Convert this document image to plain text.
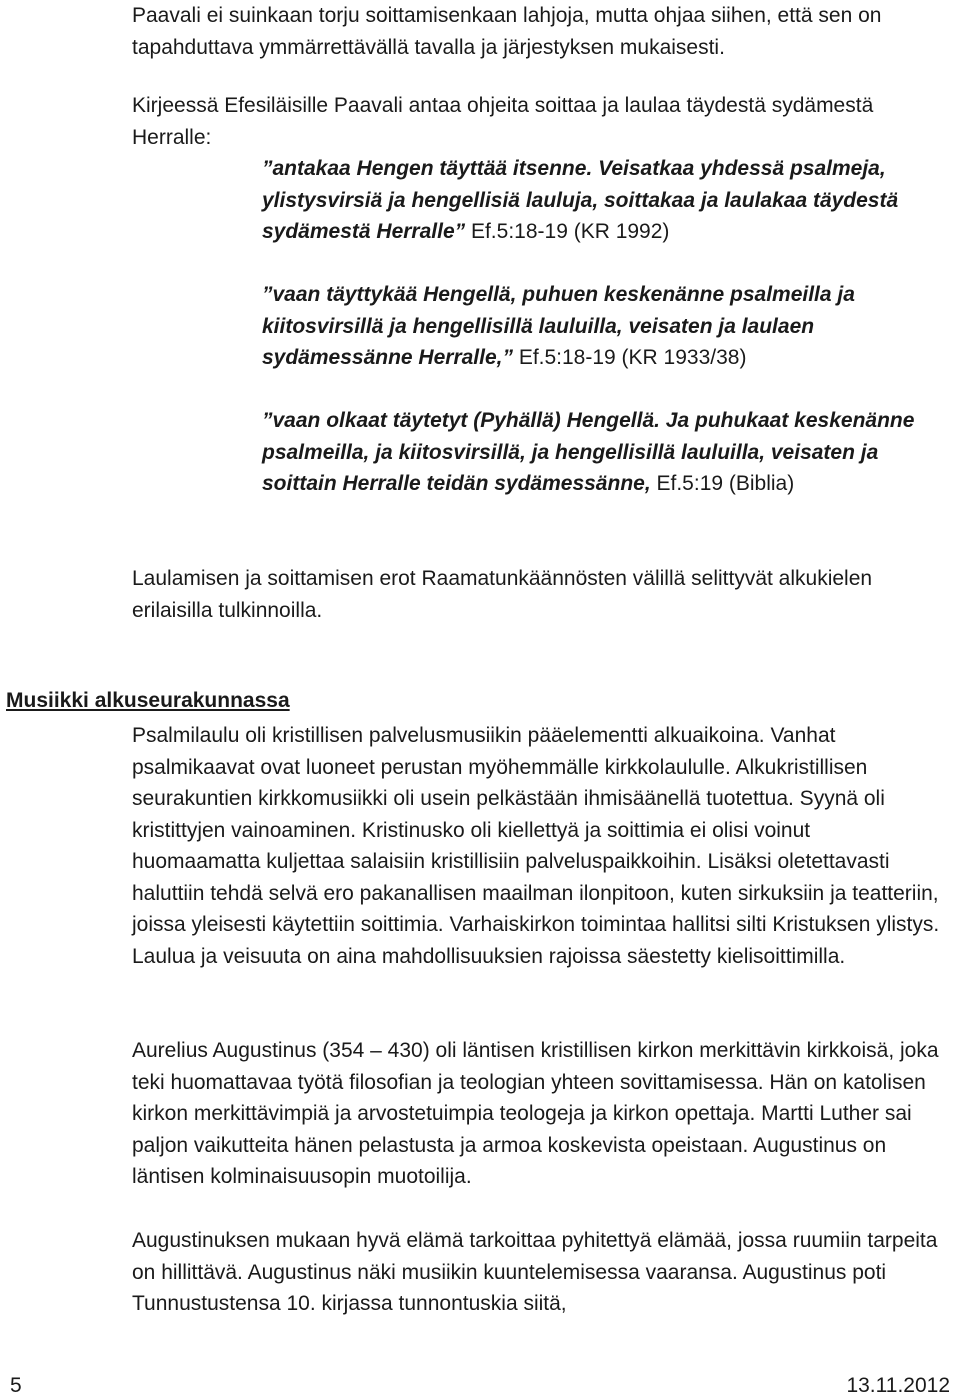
Paavali ei suinkaan torju soittamisenkaan lahjoja, mutta ohjaa siihen, että sen on tapahduttava ymmärrettävällä tavalla ja järjestyksen mukaisesti.

Kirjeessä Efesiläisille Paavali antaa ohjeita soittaa ja laulaa täydestä sydämestä Herralle:

”antakaa Hengen täyttää itsenne. Veisatkaa yhdessä psalmeja, ylistysvirsiä ja hengellisiä lauluja, soittakaa ja laulakaa täydestä sydämestä Herralle” Ef.5:18-19 (KR 1992)

”vaan täyttykää Hengellä, puhuen keskenänne psalmeilla ja kiitosvirsillä ja hengellisillä lauluilla, veisaten ja laulaen sydämessänne Herralle,” Ef.5:18-19 (KR 1933/38)

”vaan olkaat täytetyt (Pyhällä) Hengellä. Ja puhukaat keskenänne psalmeilla, ja kiitosvirsillä, ja hengellisillä lauluilla, veisaten ja soittain Herralle teidän sydämessänne, Ef.5:19 (Biblia)

Laulamisen ja soittamisen erot Raamatunkäännösten välillä selittyvät alkukielen erilaisilla tulkinnoilla.

Musiikki alkuseurakunnassa

Psalmilaulu oli kristillisen palvelusmusiikin pääelementti alkuaikoina. Vanhat psalmikaavat ovat luoneet perustan myöhemmälle kirkkolaululle. Alkukristillisen seurakuntien kirkkomusiikki oli usein pelkästään ihmisäänellä tuotettua. Syynä oli kristittyjen vainoaminen. Kristinusko oli kiellettyä ja soittimia ei olisi voinut huomaamatta kuljettaa salaisiin kristillisiin palveluspaikkoihin. Lisäksi oletettavasti haluttiin tehdä selvä ero pakanallisen maailman ilonpitoon, kuten sirkuksiin ja teatteriin, joissa yleisesti käytettiin soittimia. Varhaiskirkon toimintaa hallitsi silti Kristuksen ylistys. Laulua ja veisuuta on aina mahdollisuuksien rajoissa säestetty kielisoittimilla.

Aurelius Augustinus (354 – 430) oli läntisen kristillisen kirkon merkittävin kirkkoisä, joka teki huomattavaa työtä filosofian ja teologian yhteen sovittamisessa. Hän on katolisen kirkon merkittävimpiä ja arvostetuimpia teologeja ja kirkon opettaja. Martti Luther sai paljon vaikutteita hänen pelastusta ja armoa koskevista opeistaan. Augustinus on läntisen kolminaisuusopin muotoilija.

Augustinuksen mukaan hyvä elämä tarkoittaa pyhitettyä elämää, jossa ruumiin tarpeita on hillittävä. Augustinus näki musiikin kuuntelemisessa vaaransa. Augustinus poti Tunnustustensa 10. kirjassa tunnontuskia siitä,

5	13.11.2012
